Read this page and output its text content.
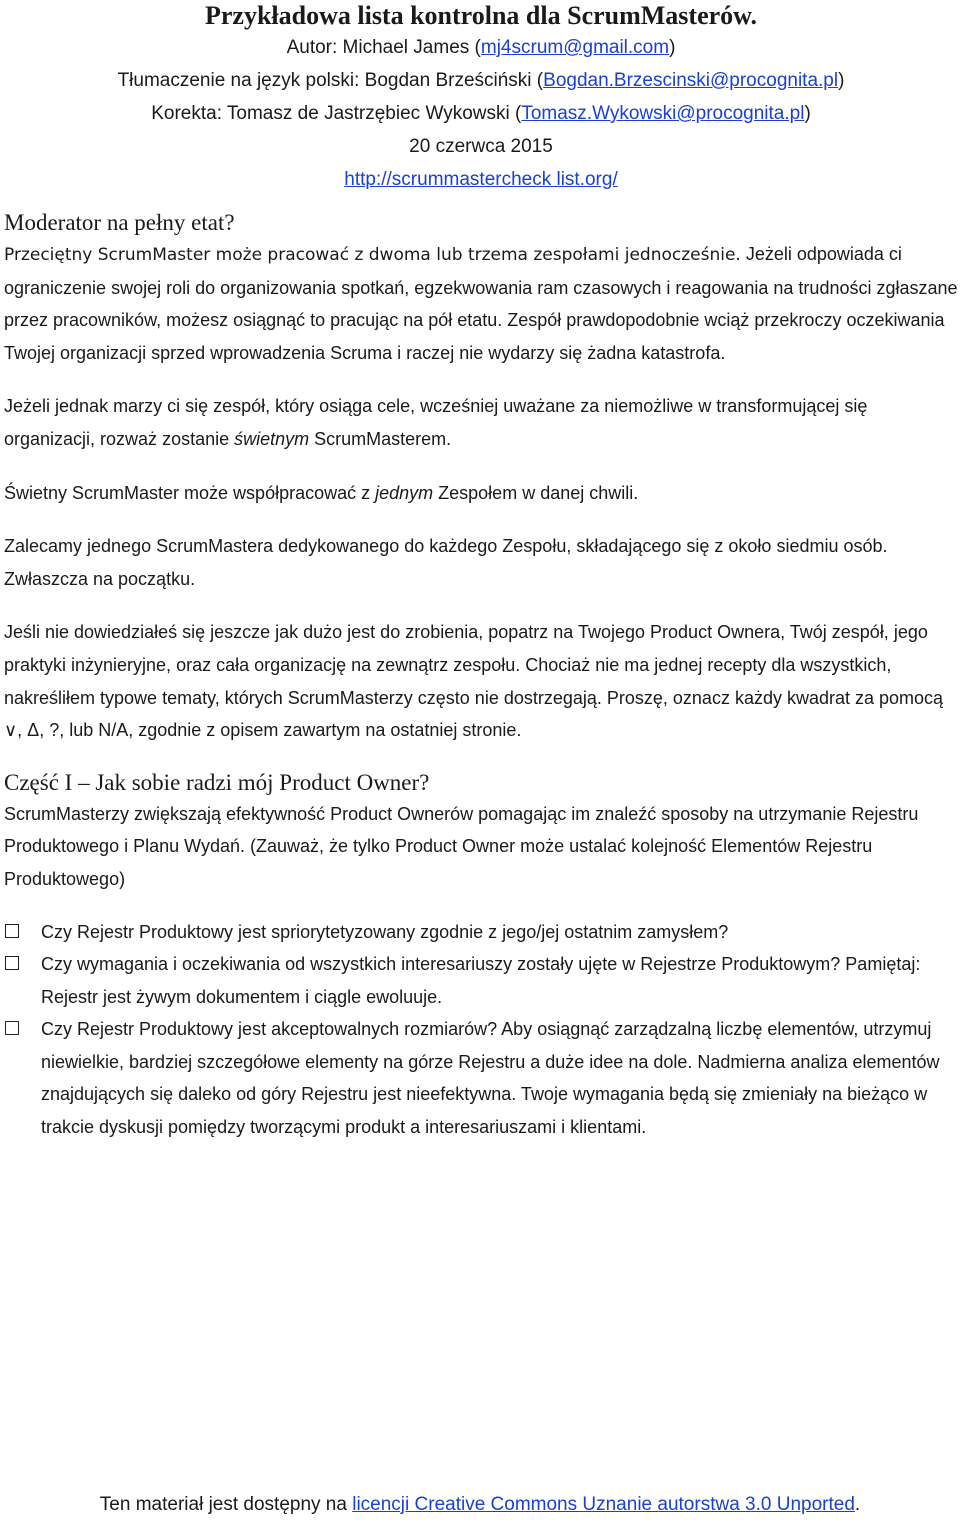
Przykładowa lista kontrolna dla ScrumMasterów.
Autor: Michael James (mj4scrum@gmail.com)
Tłumaczenie na język polski: Bogdan Brześciński (Bogdan.Brzescinski@procognita.pl)
Korekta: Tomasz de Jastrzębiec Wykowski (Tomasz.Wykowski@procognita.pl)
20 czerwca 2015
http://scrummastercheck list.org/
Moderator na pełny etat?

Przeciętny ScrumMaster może pracować z dwoma lub trzema zespołami jednocześnie. Jeżeli odpowiada ci ograniczenie swojej roli do organizowania spotkań, egzekwowania ram czasowych i reagowania na trudności zgłaszane przez pracowników, możesz osiągnąć to pracując na pół etatu. Zespół prawdopodobnie wciąż przekroczy oczekiwania Twojej organizacji sprzed wprowadzenia Scruma i raczej nie wydarzy się żadna katastrofa.

Jeżeli jednak marzy ci się zespół, który osiąga cele, wcześniej uważane za niemożliwe w transformującej się organizacji, rozważ zostanie świetnym ScrumMasterem.

Świetny ScrumMaster może współpracować z jednym Zespołem w danej chwili.

Zalecamy jednego ScrumMastera dedykowanego do każdego Zespołu, składającego się z około siedmiu osób. Zwłaszcza na początku.

Jeśli nie dowiedziałeś się jeszcze jak dużo jest do zrobienia, popatrz na Twojego Product Ownera, Twój zespół, jego praktyki inżynieryjne, oraz cała organizację na zewnątrz zespołu. Chociaż nie ma jednej recepty dla wszystkich, nakreśliłem typowe tematy, których ScrumMasterzy często nie dostrzegają. Proszę, oznacz każdy kwadrat za pomocą ∨, Δ, ?, lub N/A, zgodnie z opisem zawartym na ostatniej stronie.

Część I – Jak sobie radzi mój Product Owner?

ScrumMasterzy zwiększają efektywność Product Ownerów pomagając im znaleźć sposoby na utrzymanie Rejestru Produktowego i Planu Wydań. (Zauważ, że tylko Product Owner może ustalać kolejność Elementów Rejestru Produktowego)

Czy Rejestr Produktowy jest spriorytetyzowany zgodnie z jego/jej ostatnim zamysłem?
Czy wymagania i oczekiwania od wszystkich interesariuszy zostały ujęte w Rejestrze Produktowym? Pamiętaj: Rejestr jest żywym dokumentem i ciągle ewoluuje.
Czy Rejestr Produktowy jest akceptowalnych rozmiarów? Aby osiągnąć zarządzalną liczbę elementów, utrzymuj niewielkie, bardziej szczegółowe elementy na górze Rejestru a duże idee na dole. Nadmierna analiza elementów znajdujących się daleko od góry Rejestru jest nieefektywna. Twoje wymagania będą się zmieniały na bieżąco w trakcie dyskusji pomiędzy tworzącymi produkt a interesariuszami i klientami.
Ten materiał jest dostępny na licencji Creative Commons Uznanie autorstwa 3.0 Unported.
